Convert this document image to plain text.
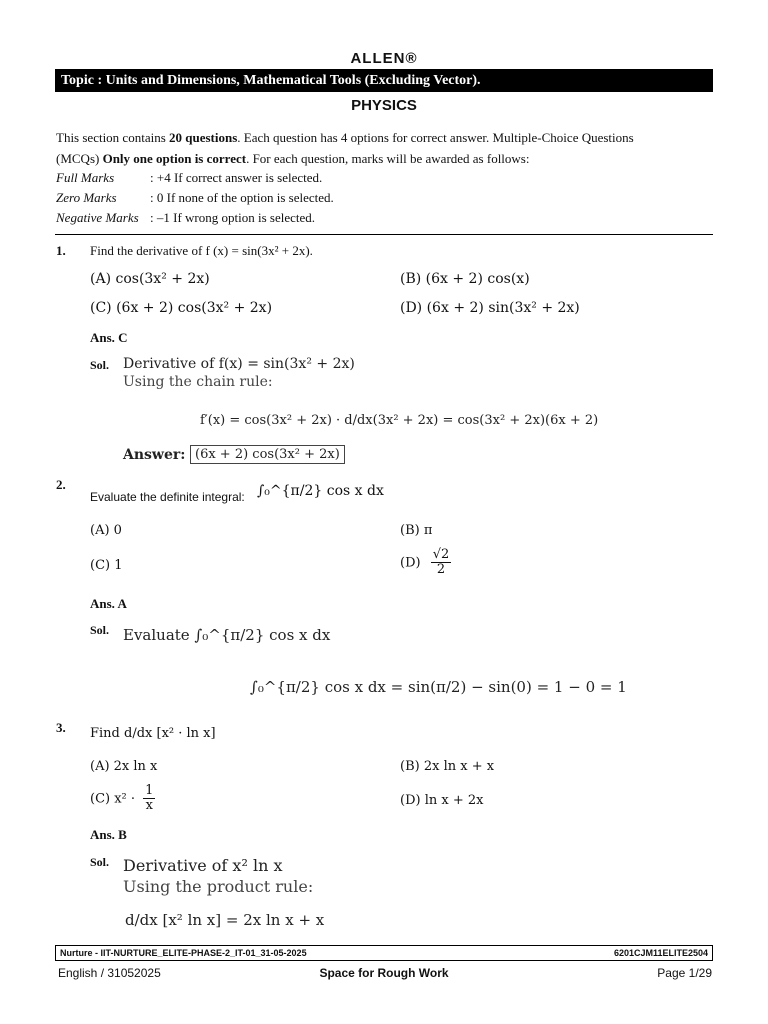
ALLEN®
Topic : Units and Dimensions, Mathematical Tools (Excluding Vector).
PHYSICS
This section contains 20 questions. Each question has 4 options for correct answer. Multiple-Choice Questions
(MCQs) Only one option is correct. For each question, marks will be awarded as follows:
Full Marks	: +4 If correct answer is selected.
Zero Marks	: 0 If none of the option is selected.
Negative Marks : –1 If wrong option is selected.
1. Find the derivative of f (x) = sin(3x² + 2x).
(A) cos(3x² + 2x)	(B) (6x + 2) cos(x)
(C) (6x + 2) cos(3x² + 2x)	(D) (6x + 2) sin(3x² + 2x)
Ans. C
Sol. Derivative of f(x) = sin(3x² + 2x)
Using the chain rule:
f′(x) = cos(3x² + 2x) · d/dx(3x² + 2x) = cos(3x² + 2x)(6x + 2)
Answer: (6x + 2) cos(3x² + 2x)
2.
Evaluate the definite integral: ∫₀^{π/2} cos x dx
(A) 0	(B) π
(C) 1	$(D) \frac{√2}{2}$
Ans. A
Sol. Evaluate ∫₀^{π/2} cos x dx
∫₀^{π/2} cos x dx = sin(π/2) − sin(0) = 1 − 0 = 1
3. Find d/dx [x² · ln x]
(A) 2x ln x	(B) 2x ln x + x
(C) $x^2 \cdot \frac{1}{x}$	(D) ln x + 2x
Ans. B
Sol. Derivative of x² ln x
Using the product rule:
d/dx [x² ln x] = 2x ln x + x
Nurture - IIT-NURTURE_ELITE-PHASE-2_IT-01_31-05-2025	6201CJM11ELITE2504
English / 31052025	Space for Rough Work	Page 1/29
